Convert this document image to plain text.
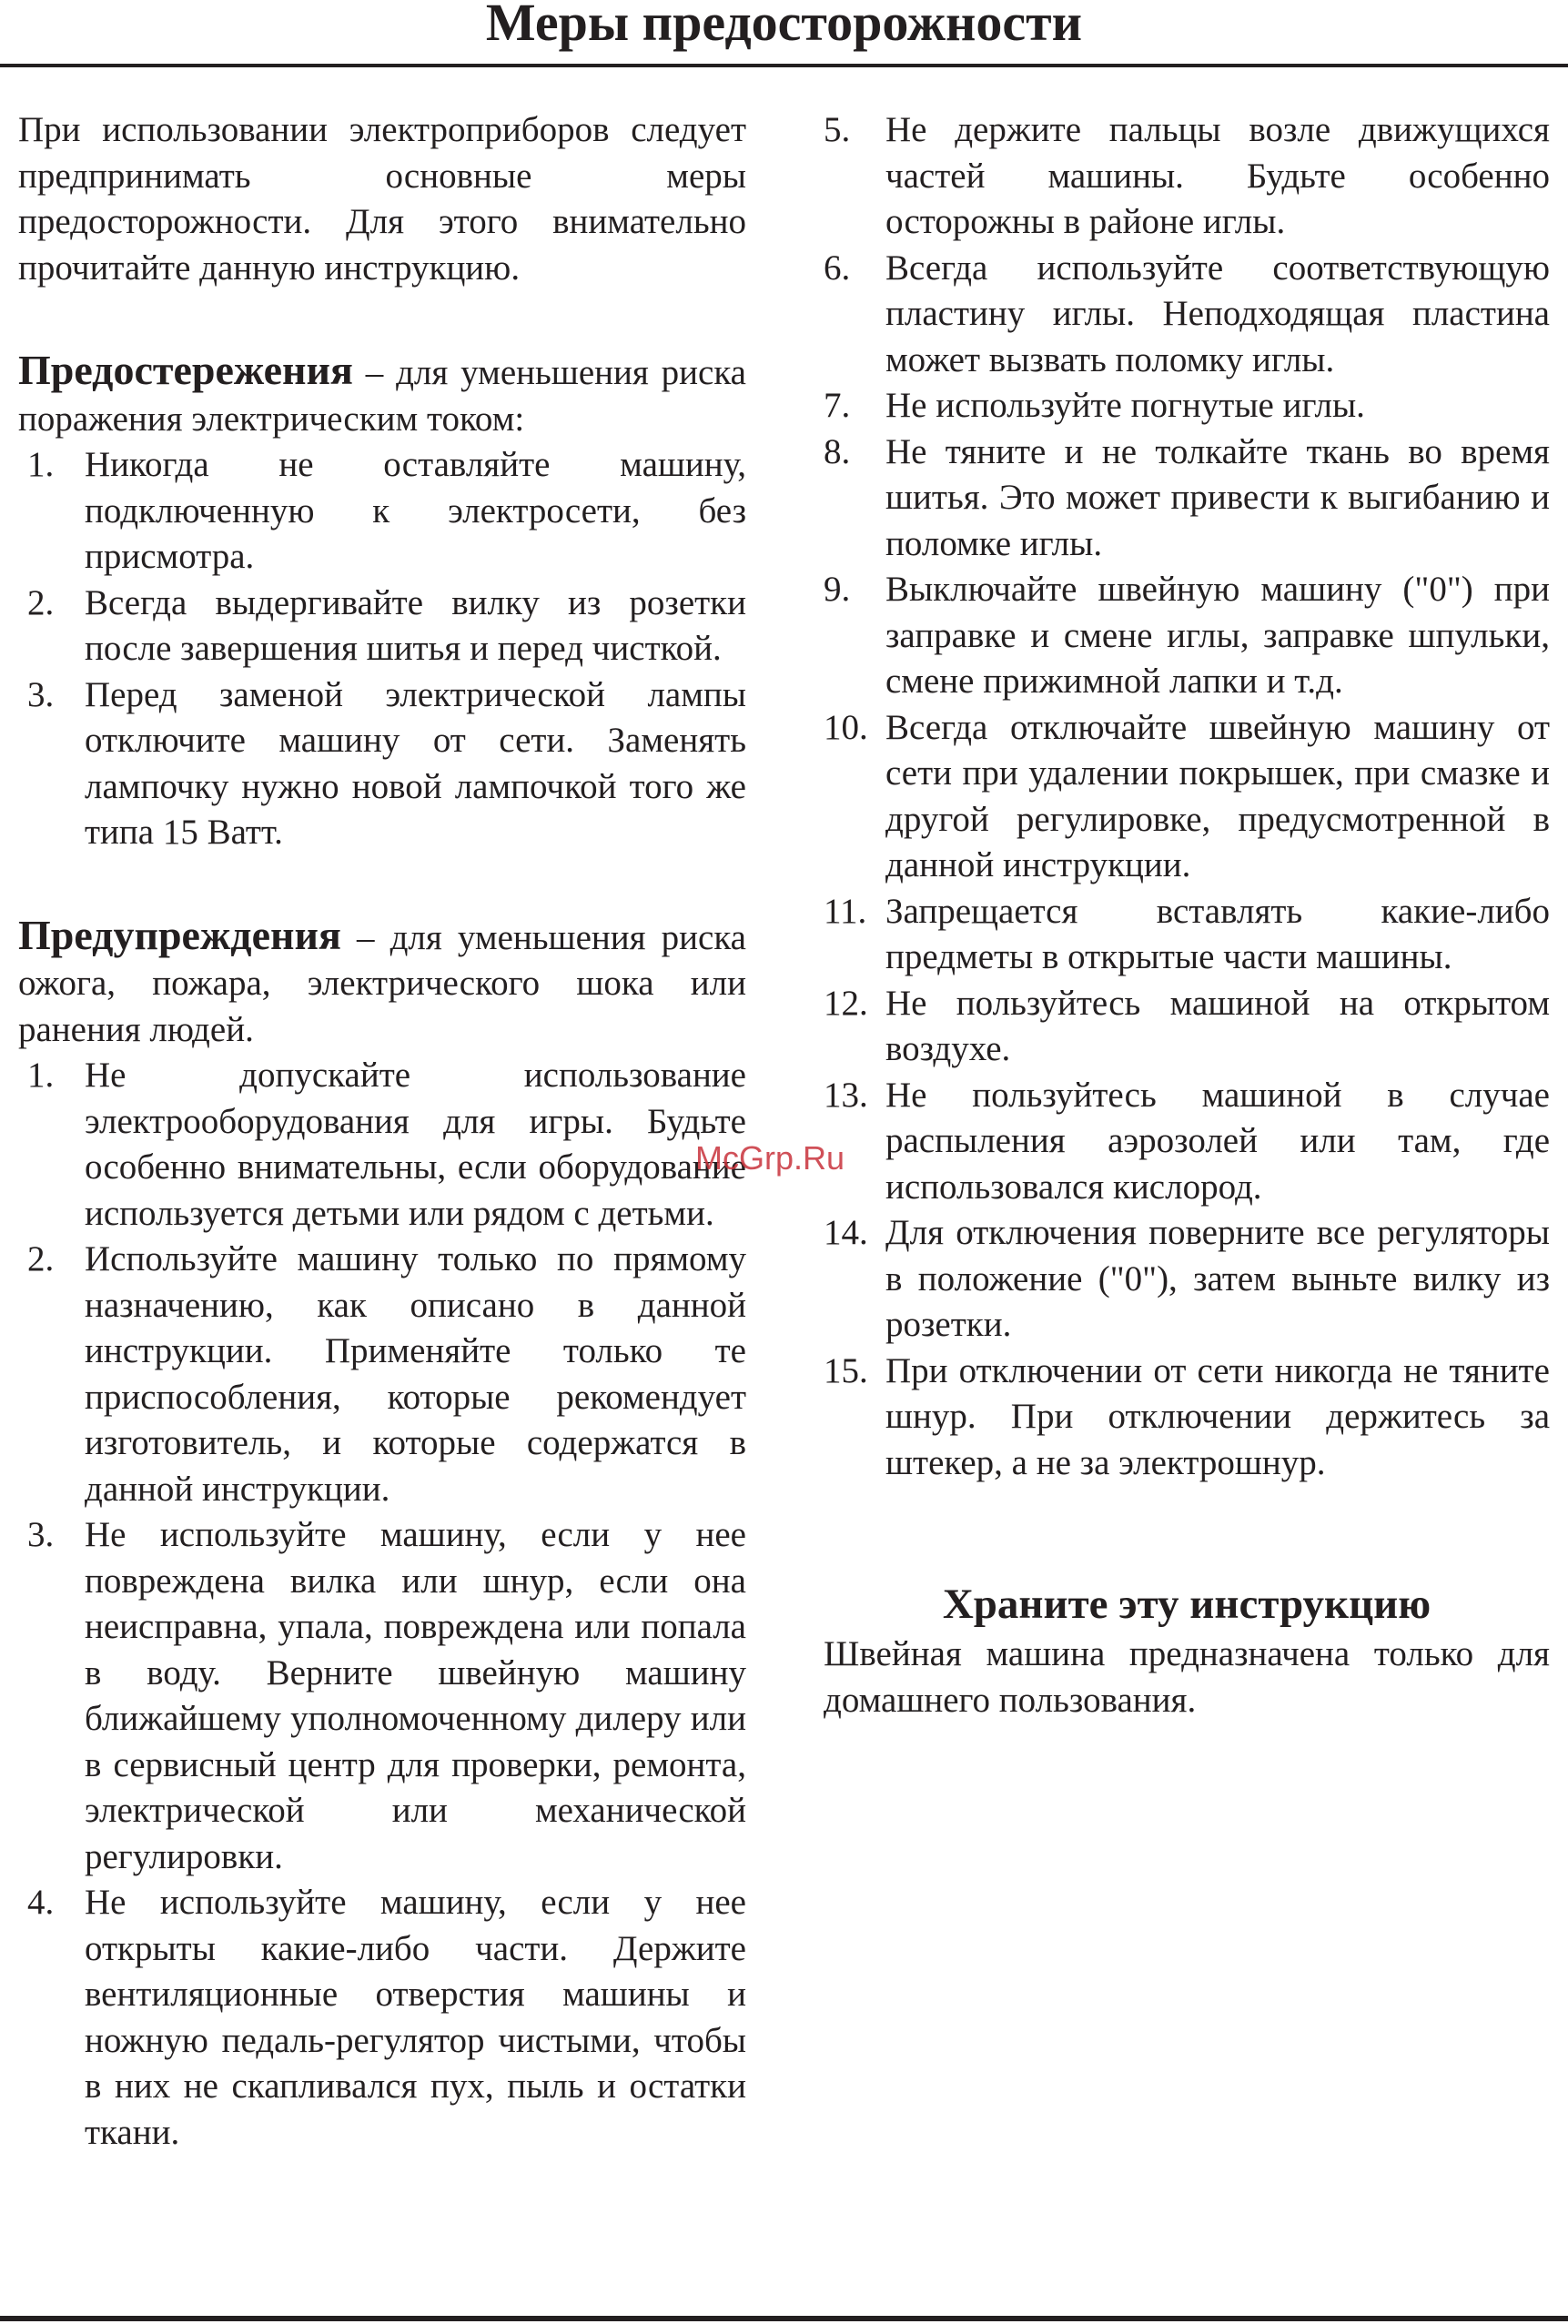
Меры предосторожности

При использовании электроприборов следует предпринимать основные меры предосторожности. Для этого внимательно прочитайте данную инструкцию.

Предостережения – для уменьшения риска поражения электрическим током:

1. Никогда не оставляйте машину, подключенную к электросети, без присмотра.
2. Всегда выдергивайте вилку из розетки после завершения шитья и перед чисткой.
3. Перед заменой электрической лампы отключите машину от сети. Заменять лампочку нужно новой лампочкой того же типа 15 Ватт.

Предупреждения – для уменьшения риска ожога, пожара, электрического шока или ранения людей.

1. Не допускайте использование электрооборудования для игры. Будьте особенно внимательны, если оборудование используется детьми или рядом с детьми.
2. Используйте машину только по прямому назначению, как описано в данной инструкции. Применяйте только те приспособления, которые рекомендует изготовитель, и которые содержатся в данной инструкции.
3. Не используйте машину, если у нее повреждена вилка или шнур, если она неисправна, упала, повреждена или попала в воду. Верните швейную машину ближайшему уполномоченному дилеру или в сервисный центр для проверки, ремонта, электрической или механической регулировки.
4. Не используйте машину, если у нее открыты какие-либо части. Держите вентиляционные отверстия машины и ножную педаль-регулятор чистыми, чтобы в них не скапливался пух, пыль и остатки ткани.
5. Не держите пальцы возле движущихся частей машины. Будьте особенно осторожны в районе иглы.
6. Всегда используйте соответствующую пластину иглы. Неподходящая пластина может вызвать поломку иглы.
7. Не используйте погнутые иглы.
8. Не тяните и не толкайте ткань во время шитья. Это может привести к выгибанию и поломке иглы.
9. Выключайте швейную машину ("0") при заправке и смене иглы, заправке шпульки, смене прижимной лапки и т.д.
10. Всегда отключайте швейную машину от сети при удалении покрышек, при смазке и другой регулировке, предусмотренной в данной инструкции.
11. Запрещается вставлять какие-либо предметы в открытые части машины.
12. Не пользуйтесь машиной на открытом воздухе.
13. Не пользуйтесь машиной в случае распыления аэрозолей или там, где использовался кислород.
14. Для отключения поверните все регуляторы в положение ("0"), затем выньте вилку из розетки.
15. При отключении от сети никогда не тяните шнур. При отключении держитесь за штекер, а не за электрошнур.
Храните эту инструкцию

Швейная машина предназначена только для домашнего пользования.

McGrp.Ru
